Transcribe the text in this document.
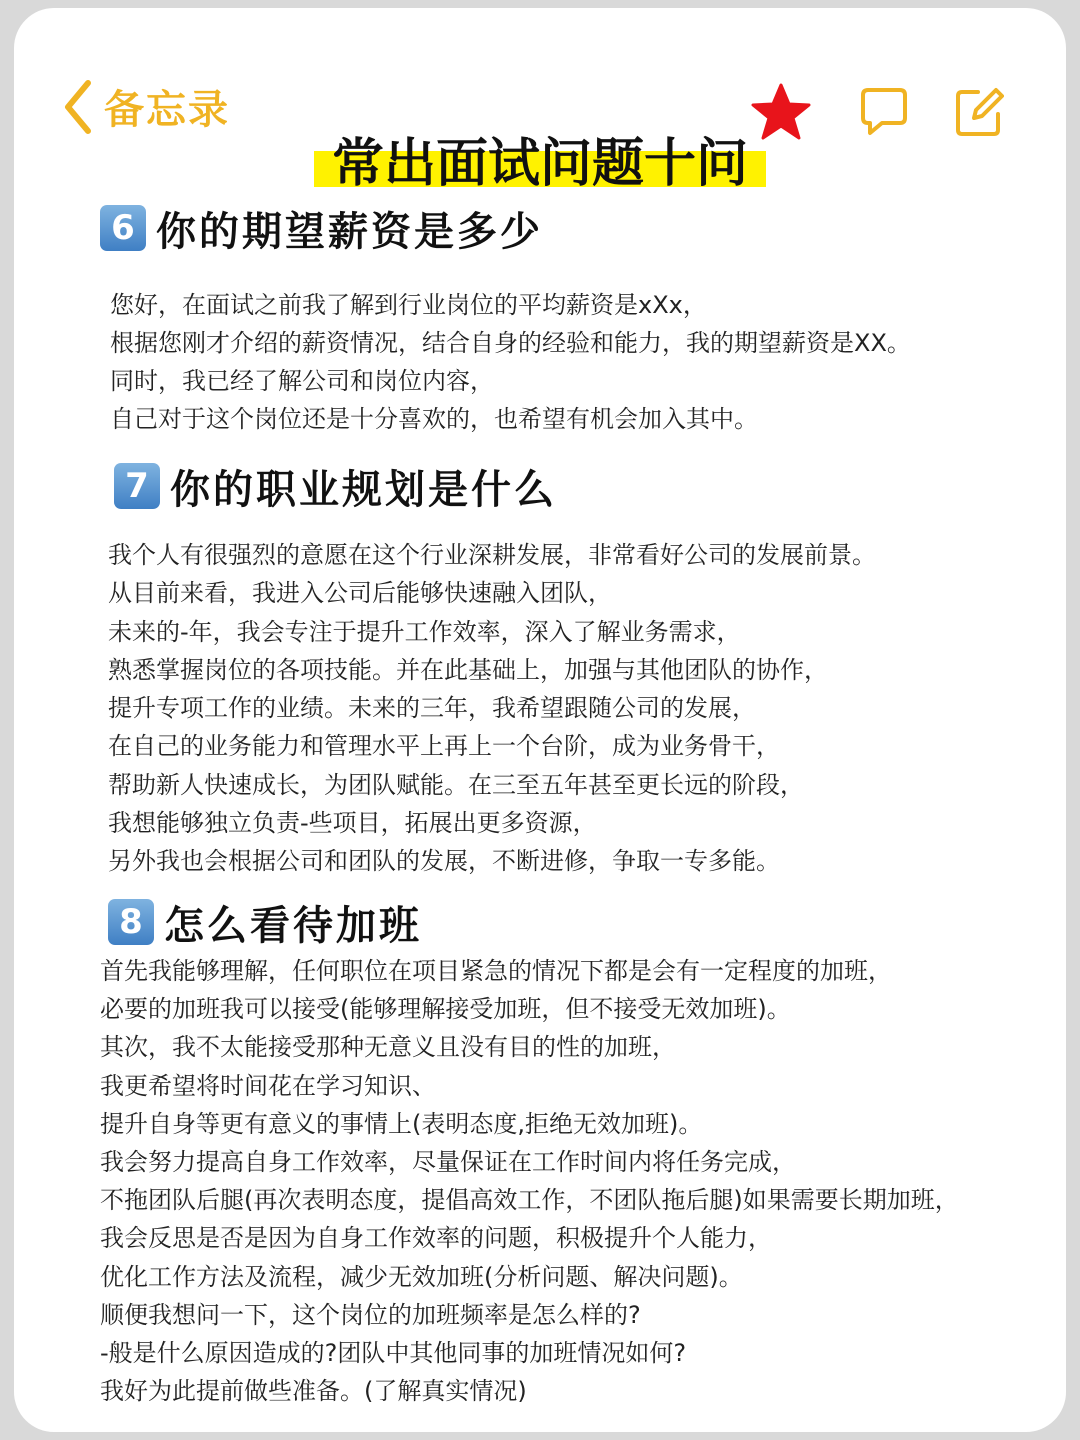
备忘录
常出面试问题十问
6 你的期望薪资是多少

您好，在面试之前我了解到行业岗位的平均薪资是xXx，

根据您刚才介绍的薪资情况，结合自身的经验和能力，我的期望薪资是XX。

同时，我已经了解公司和岗位内容，

自己对于这个岗位还是十分喜欢的，也希望有机会加入其中。

7 你的职业规划是什么

我个人有很强烈的意愿在这个行业深耕发展，非常看好公司的发展前景。

从目前来看，我进入公司后能够快速融入团队，

未来的-年，我会专注于提升工作效率，深入了解业务需求，

熟悉掌握岗位的各项技能。并在此基础上，加强与其他团队的协作，

提升专项工作的业绩。未来的三年，我希望跟随公司的发展，

在自己的业务能力和管理水平上再上一个台阶，成为业务骨干，

帮助新人快速成长，为团队赋能。在三至五年甚至更长远的阶段，

我想能够独立负责-些项目，拓展出更多资源，

另外我也会根据公司和团队的发展，不断进修，争取一专多能。

8 怎么看待加班

首先我能够理解，任何职位在项目紧急的情况下都是会有一定程度的加班，

必要的加班我可以接受(能够理解接受加班，但不接受无效加班)。

其次，我不太能接受那种无意义且没有目的性的加班，

我更希望将时间花在学习知识、

提升自身等更有意义的事情上(表明态度,拒绝无效加班)。

我会努力提高自身工作效率，尽量保证在工作时间内将任务完成，

不拖团队后腿(再次表明态度，提倡高效工作，不团队拖后腿)如果需要长期加班，

我会反思是否是因为自身工作效率的问题，积极提升个人能力，

优化工作方法及流程，减少无效加班(分析问题、解决问题)。

顺便我想问一下，这个岗位的加班频率是怎么样的?

-般是什么原因造成的?团队中其他同事的加班情况如何?

我好为此提前做些准备。(了解真实情况)
